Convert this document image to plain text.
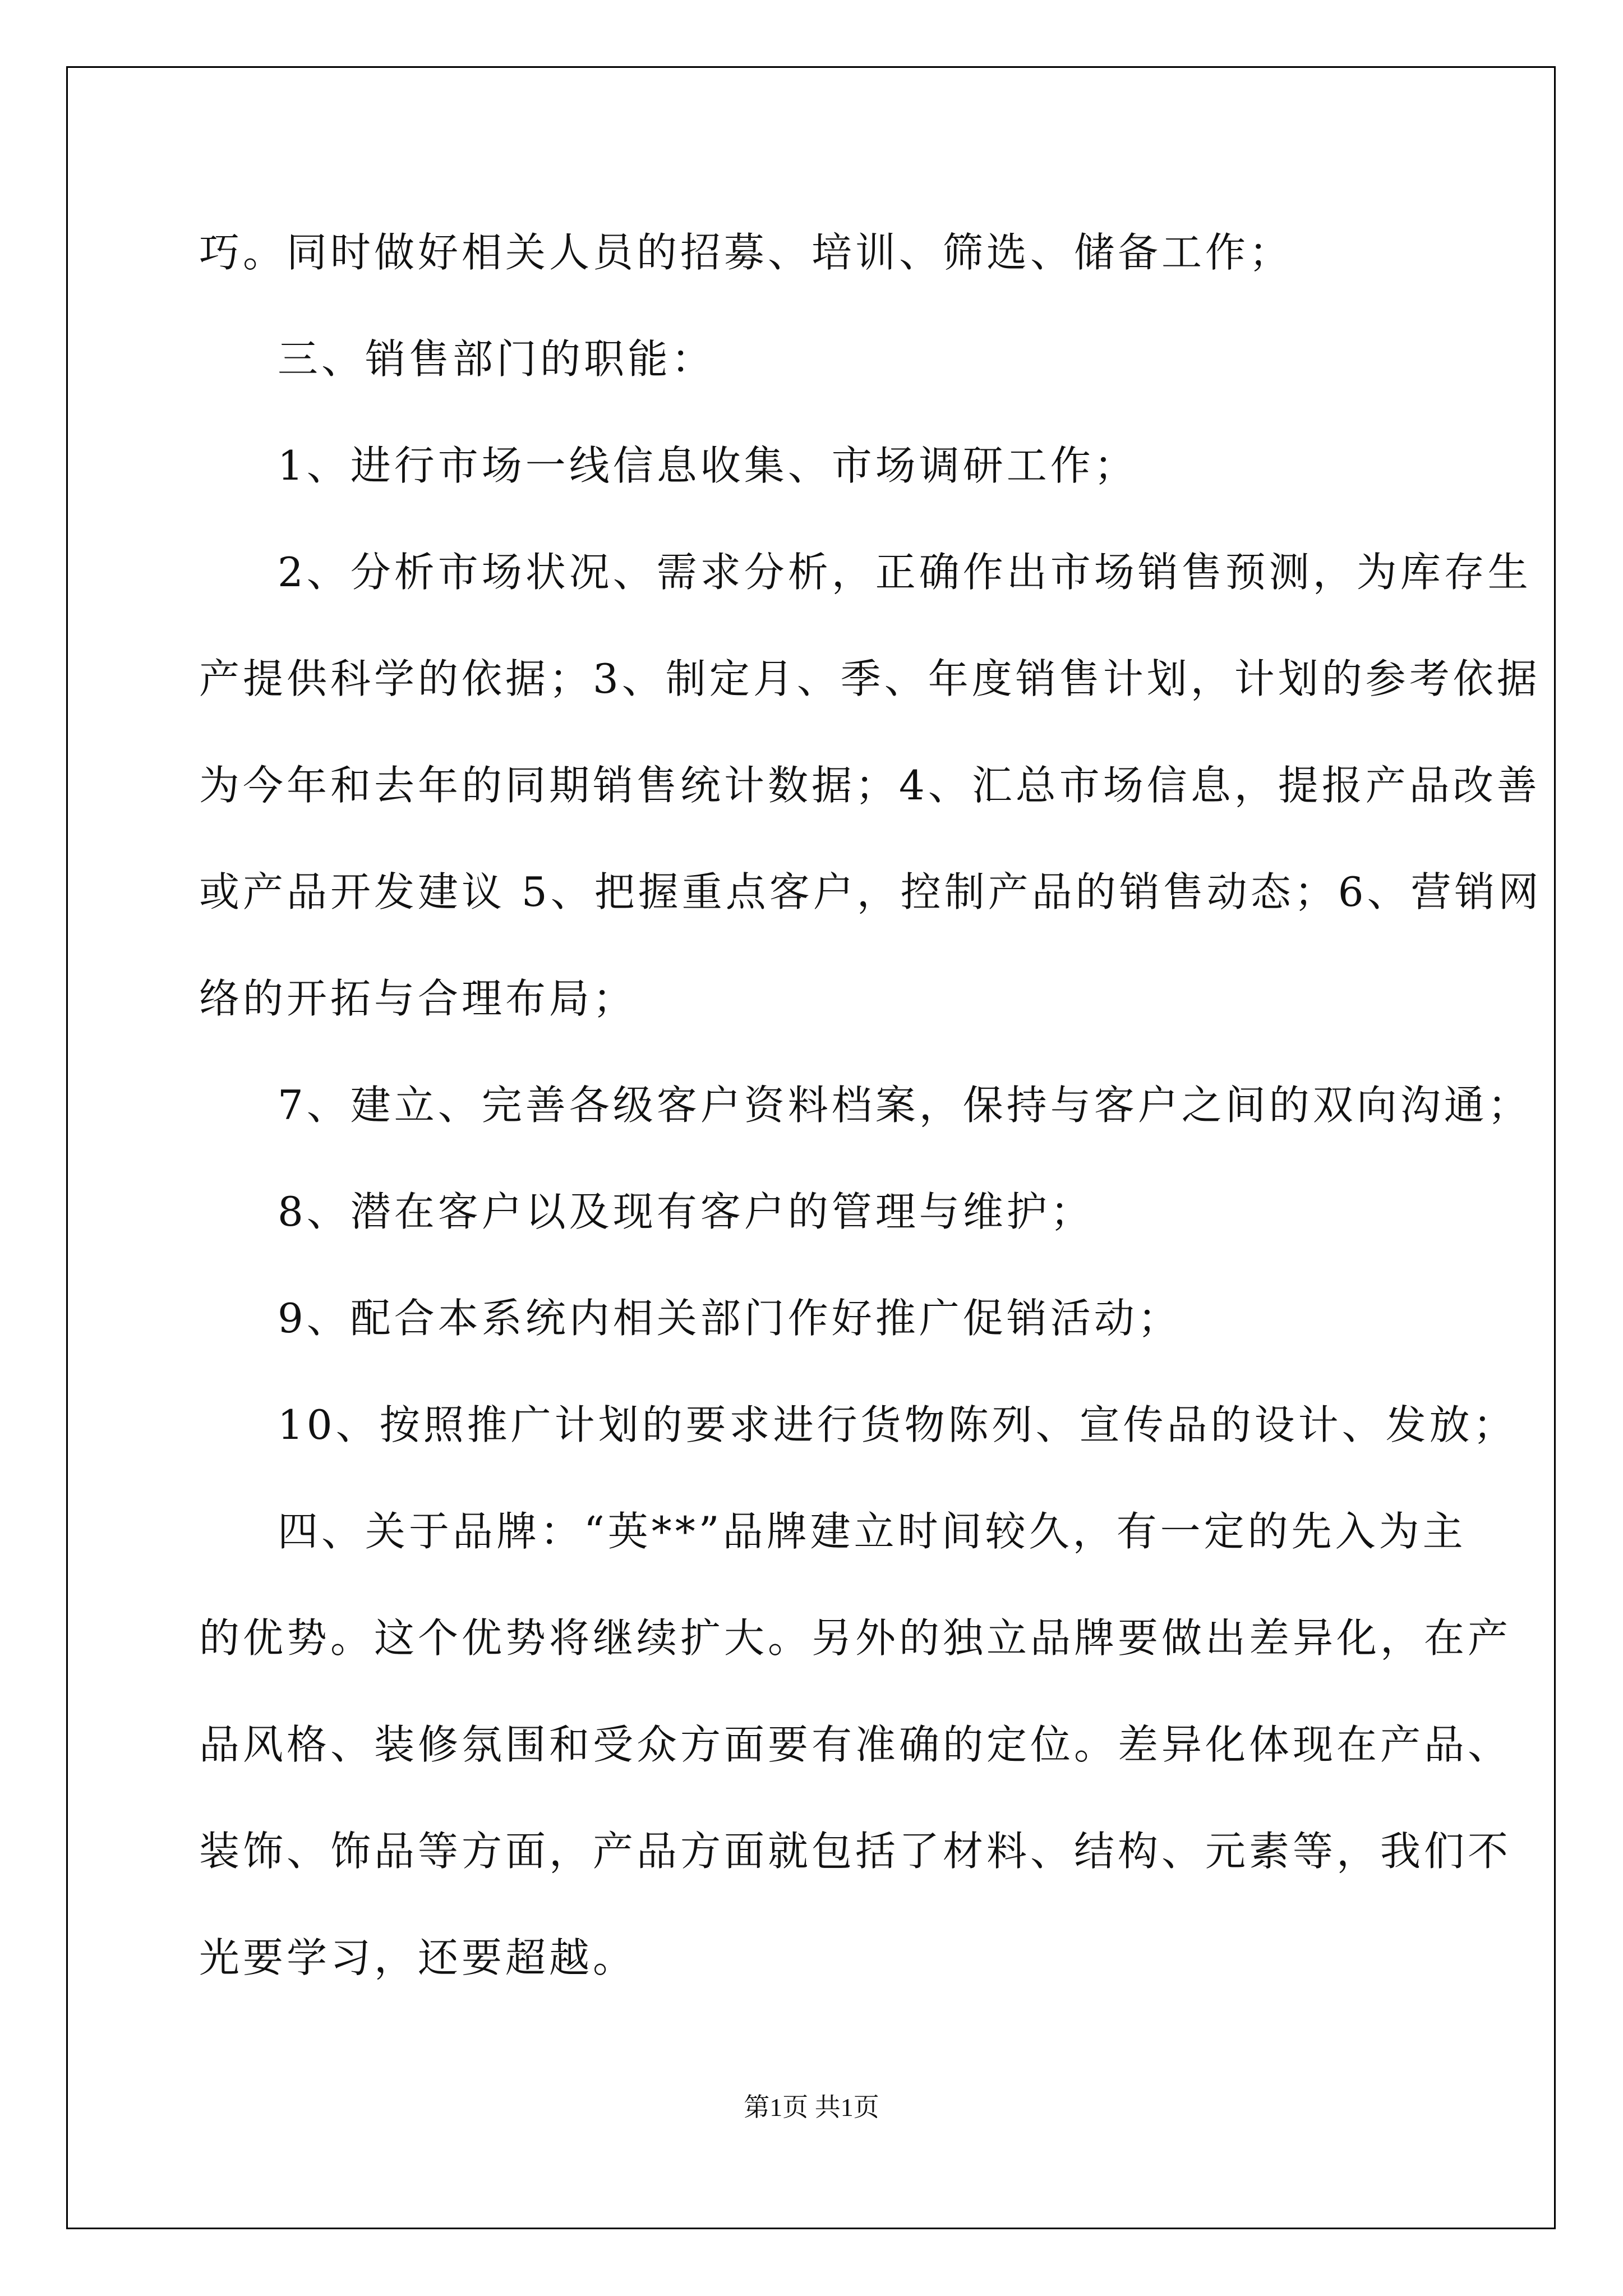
巧。同时做好相关人员的招募、培训、筛选、储备工作；
三、销售部门的职能：
1、进行市场一线信息收集、市场调研工作；
2、分析市场状况、需求分析，正确作出市场销售预测，为库存生
产提供科学的依据；3、制定月、季、年度销售计划，计划的参考依据
为今年和去年的同期销售统计数据；4、汇总市场信息，提报产品改善
或产品开发建议 5、把握重点客户，控制产品的销售动态；6、营销网
络的开拓与合理布局；
7、建立、完善各级客户资料档案，保持与客户之间的双向沟通；
8、潜在客户以及现有客户的管理与维护；
9、配合本系统内相关部门作好推广促销活动；
10、按照推广计划的要求进行货物陈列、宣传品的设计、发放；
四、关于品牌：“英**”品牌建立时间较久，有一定的先入为主
的优势。这个优势将继续扩大。另外的独立品牌要做出差异化，在产
品风格、装修氛围和受众方面要有准确的定位。差异化体现在产品、
装饰、饰品等方面，产品方面就包括了材料、结构、元素等，我们不
光要学习，还要超越。
第1页 共1页
